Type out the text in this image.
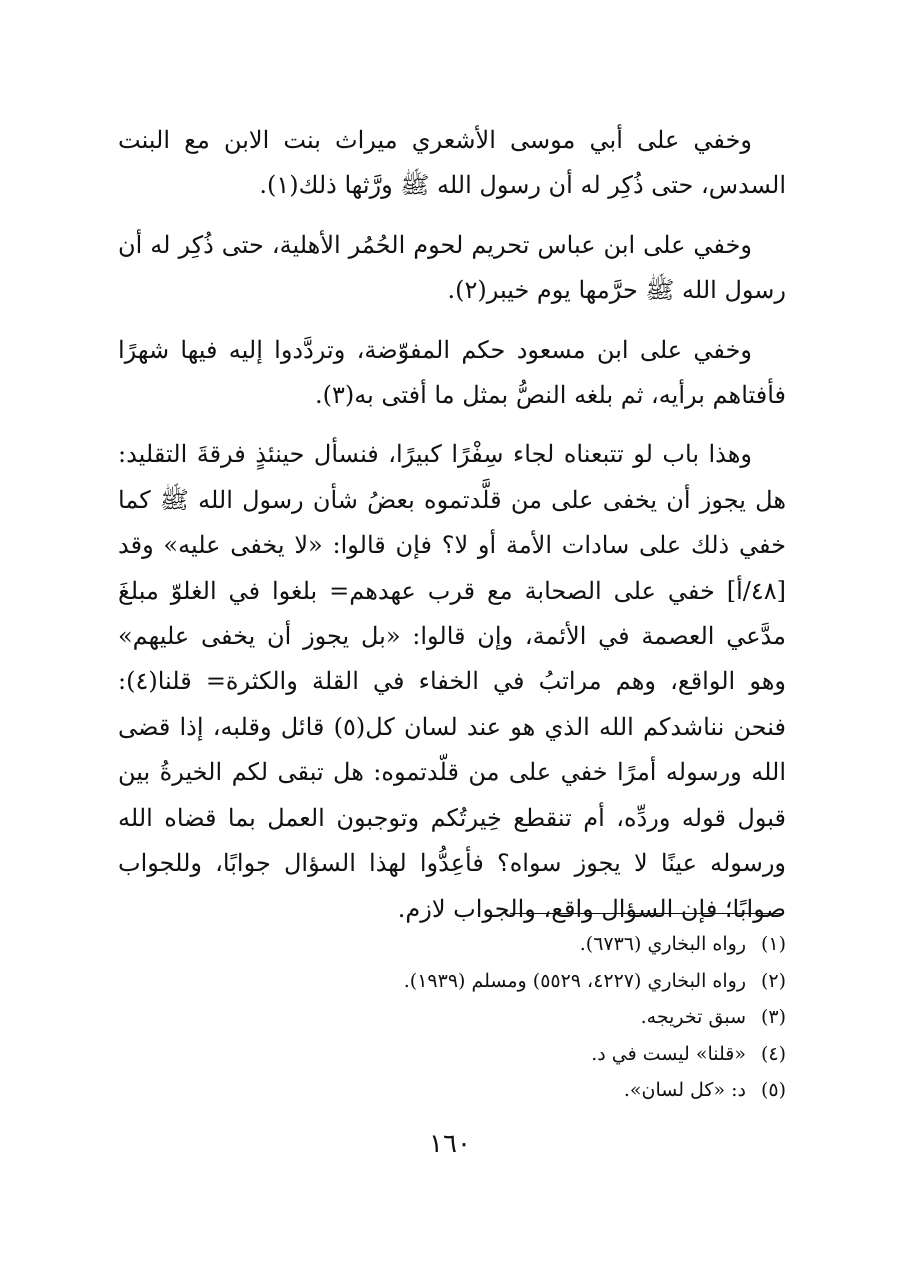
وخفي على أبي موسى الأشعري ميراث بنت الابن مع البنت السدس، حتى ذُكِر له أن رسول الله ﷺ ورَّثها ذلك(١).

وخفي على ابن عباس تحريم لحوم الحُمُر الأهلية، حتى ذُكِر له أن رسول الله ﷺ حرَّمها يوم خيبر(٢).

وخفي على ابن مسعود حكم المفوّضة، وتردَّدوا إليه فيها شهرًا فأفتاهم برأيه، ثم بلغه النصُّ بمثل ما أفتى به(٣).

وهذا باب لو تتبعناه لجاء سِفْرًا كبيرًا، فنسأل حينئذٍ فرقةَ التقليد: هل يجوز أن يخفى على من قلَّدتموه بعضُ شأن رسول الله ﷺ كما خفي ذلك على سادات الأمة أو لا؟ فإن قالوا: «لا يخفى عليه» وقد [٤٨/أ] خفي على الصحابة مع قرب عهدهم= بلغوا في الغلوّ مبلغَ مدَّعي العصمة في الأئمة، وإن قالوا: «بل يجوز أن يخفى عليهم» وهو الواقع، وهم مراتبُ في الخفاء في القلة والكثرة= قلنا(٤): فنحن نناشدكم الله الذي هو عند لسان كل(٥) قائل وقلبه، إذا قضى الله ورسوله أمرًا خفي على من قلّدتموه: هل تبقى لكم الخيرةُ بين قبول قوله وردِّه، أم تنقطع خِيرتُكم وتوجبون العمل بما قضاه الله ورسوله عينًا لا يجوز سواه؟ فأعِدُّوا لهذا السؤال جوابًا، وللجواب صوابًا؛ فإن السؤال واقع، والجواب لازم.

(١)
رواه البخاري (٦٧٣٦).
(٢)
رواه البخاري (٤٢٢٧، ٥٥٢٩) ومسلم (١٩٣٩).
(٣)
سبق تخريجه.
(٤)
«قلنا» ليست في د.
(٥)
د: «كل لسان».
١٦٠
